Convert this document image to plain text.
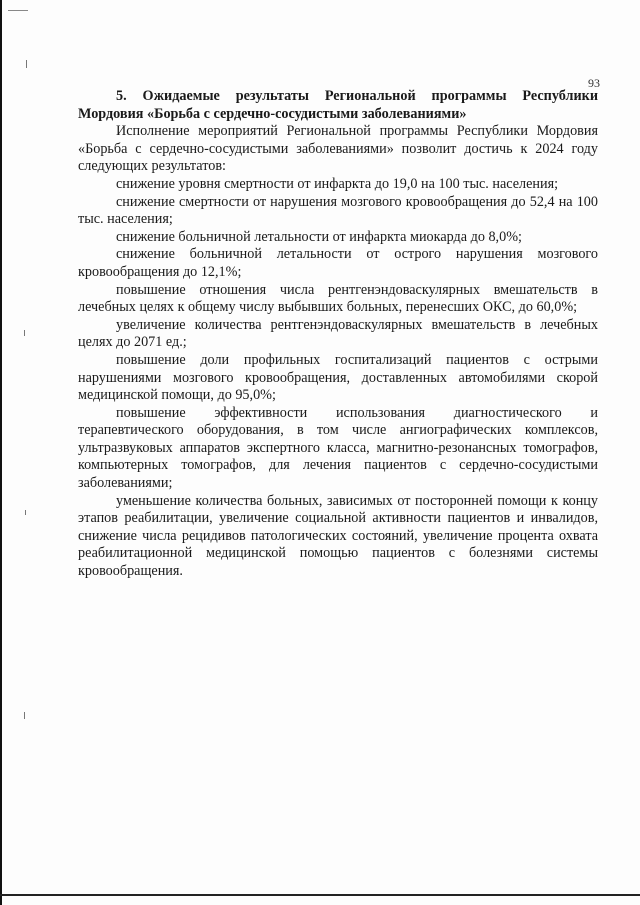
93

5. Ожидаемые результаты Региональной программы Республики Мордовия «Борьба с сердечно-сосудистыми заболеваниями»

Исполнение мероприятий Региональной программы Республики Мордовия «Борьба с сердечно-сосудистыми заболеваниями» позволит достичь к 2024 году следующих результатов:

снижение уровня смертности от инфаркта до 19,0 на 100 тыс. населения;

снижение смертности от нарушения мозгового кровообращения до 52,4 на 100 тыс. населения;

снижение больничной летальности от инфаркта миокарда до 8,0%;

снижение больничной летальности от острого нарушения мозгового кровообращения до 12,1%;

повышение отношения числа рентгенэндоваскулярных вмешательств в лечебных целях к общему числу выбывших больных, перенесших ОКС, до 60,0%;

увеличение количества рентгенэндоваскулярных вмешательств в лечебных целях до 2071 ед.;

повышение доли профильных госпитализаций пациентов с острыми нарушениями мозгового кровообращения, доставленных автомобилями скорой медицинской помощи, до 95,0%;

повышение эффективности использования диагностического и терапевтического оборудования, в том числе ангиографических комплексов, ультразвуковых аппаратов экспертного класса, магнитно-резонансных томографов, компьютерных томографов, для лечения пациентов с сердечно-сосудистыми заболеваниями;

уменьшение количества больных, зависимых от посторонней помощи к концу этапов реабилитации, увеличение социальной активности пациентов и инвалидов, снижение числа рецидивов патологических состояний, увеличение процента охвата реабилитационной медицинской помощью пациентов с болезнями системы кровообращения.
